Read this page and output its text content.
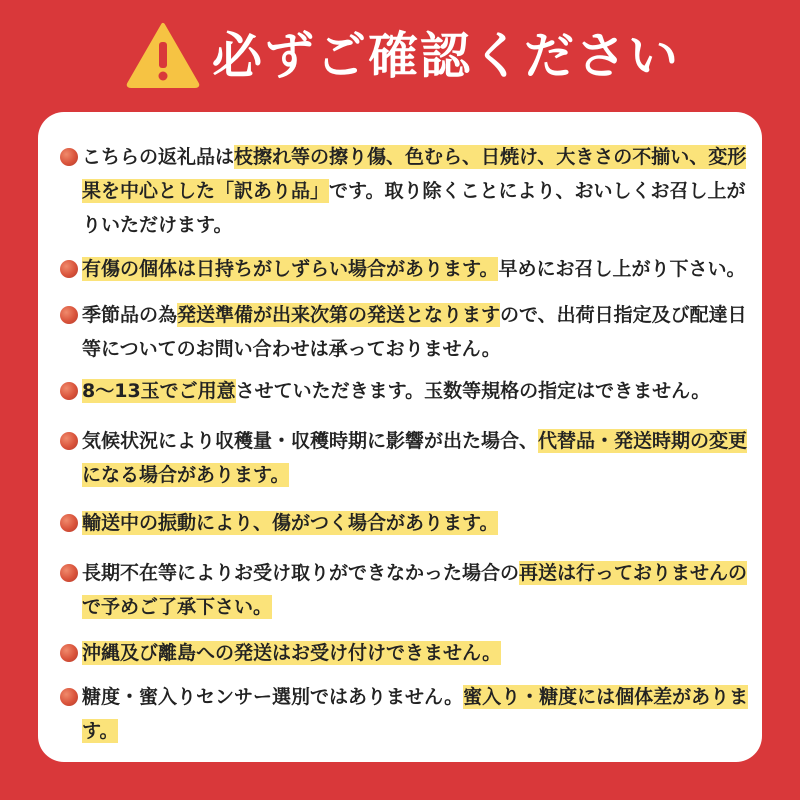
必ずご確認ください
こちらの返礼品は枝擦れ等の擦り傷、色むら、日焼け、大きさの不揃い、変形果を中心とした「訳あり品」です。取り除くことにより、おいしくお召し上がりいただけます。
有傷の個体は日持ちがしずらい場合があります。早めにお召し上がり下さい。
季節品の為発送準備が出来次第の発送となりますので、出荷日指定及び配達日等についてのお問い合わせは承っておりません。
8～13玉でご用意させていただきます。玉数等規格の指定はできません。
気候状況により収穫量・収穫時期に影響が出た場合、代替品・発送時期の変更になる場合があります。
輸送中の振動により、傷がつく場合があります。
長期不在等によりお受け取りができなかった場合の再送は行っておりませんので予めご了承下さい。
沖縄及び離島への発送はお受け付けできません。
糖度・蜜入りセンサー選別ではありません。蜜入り・糖度には個体差があります。
